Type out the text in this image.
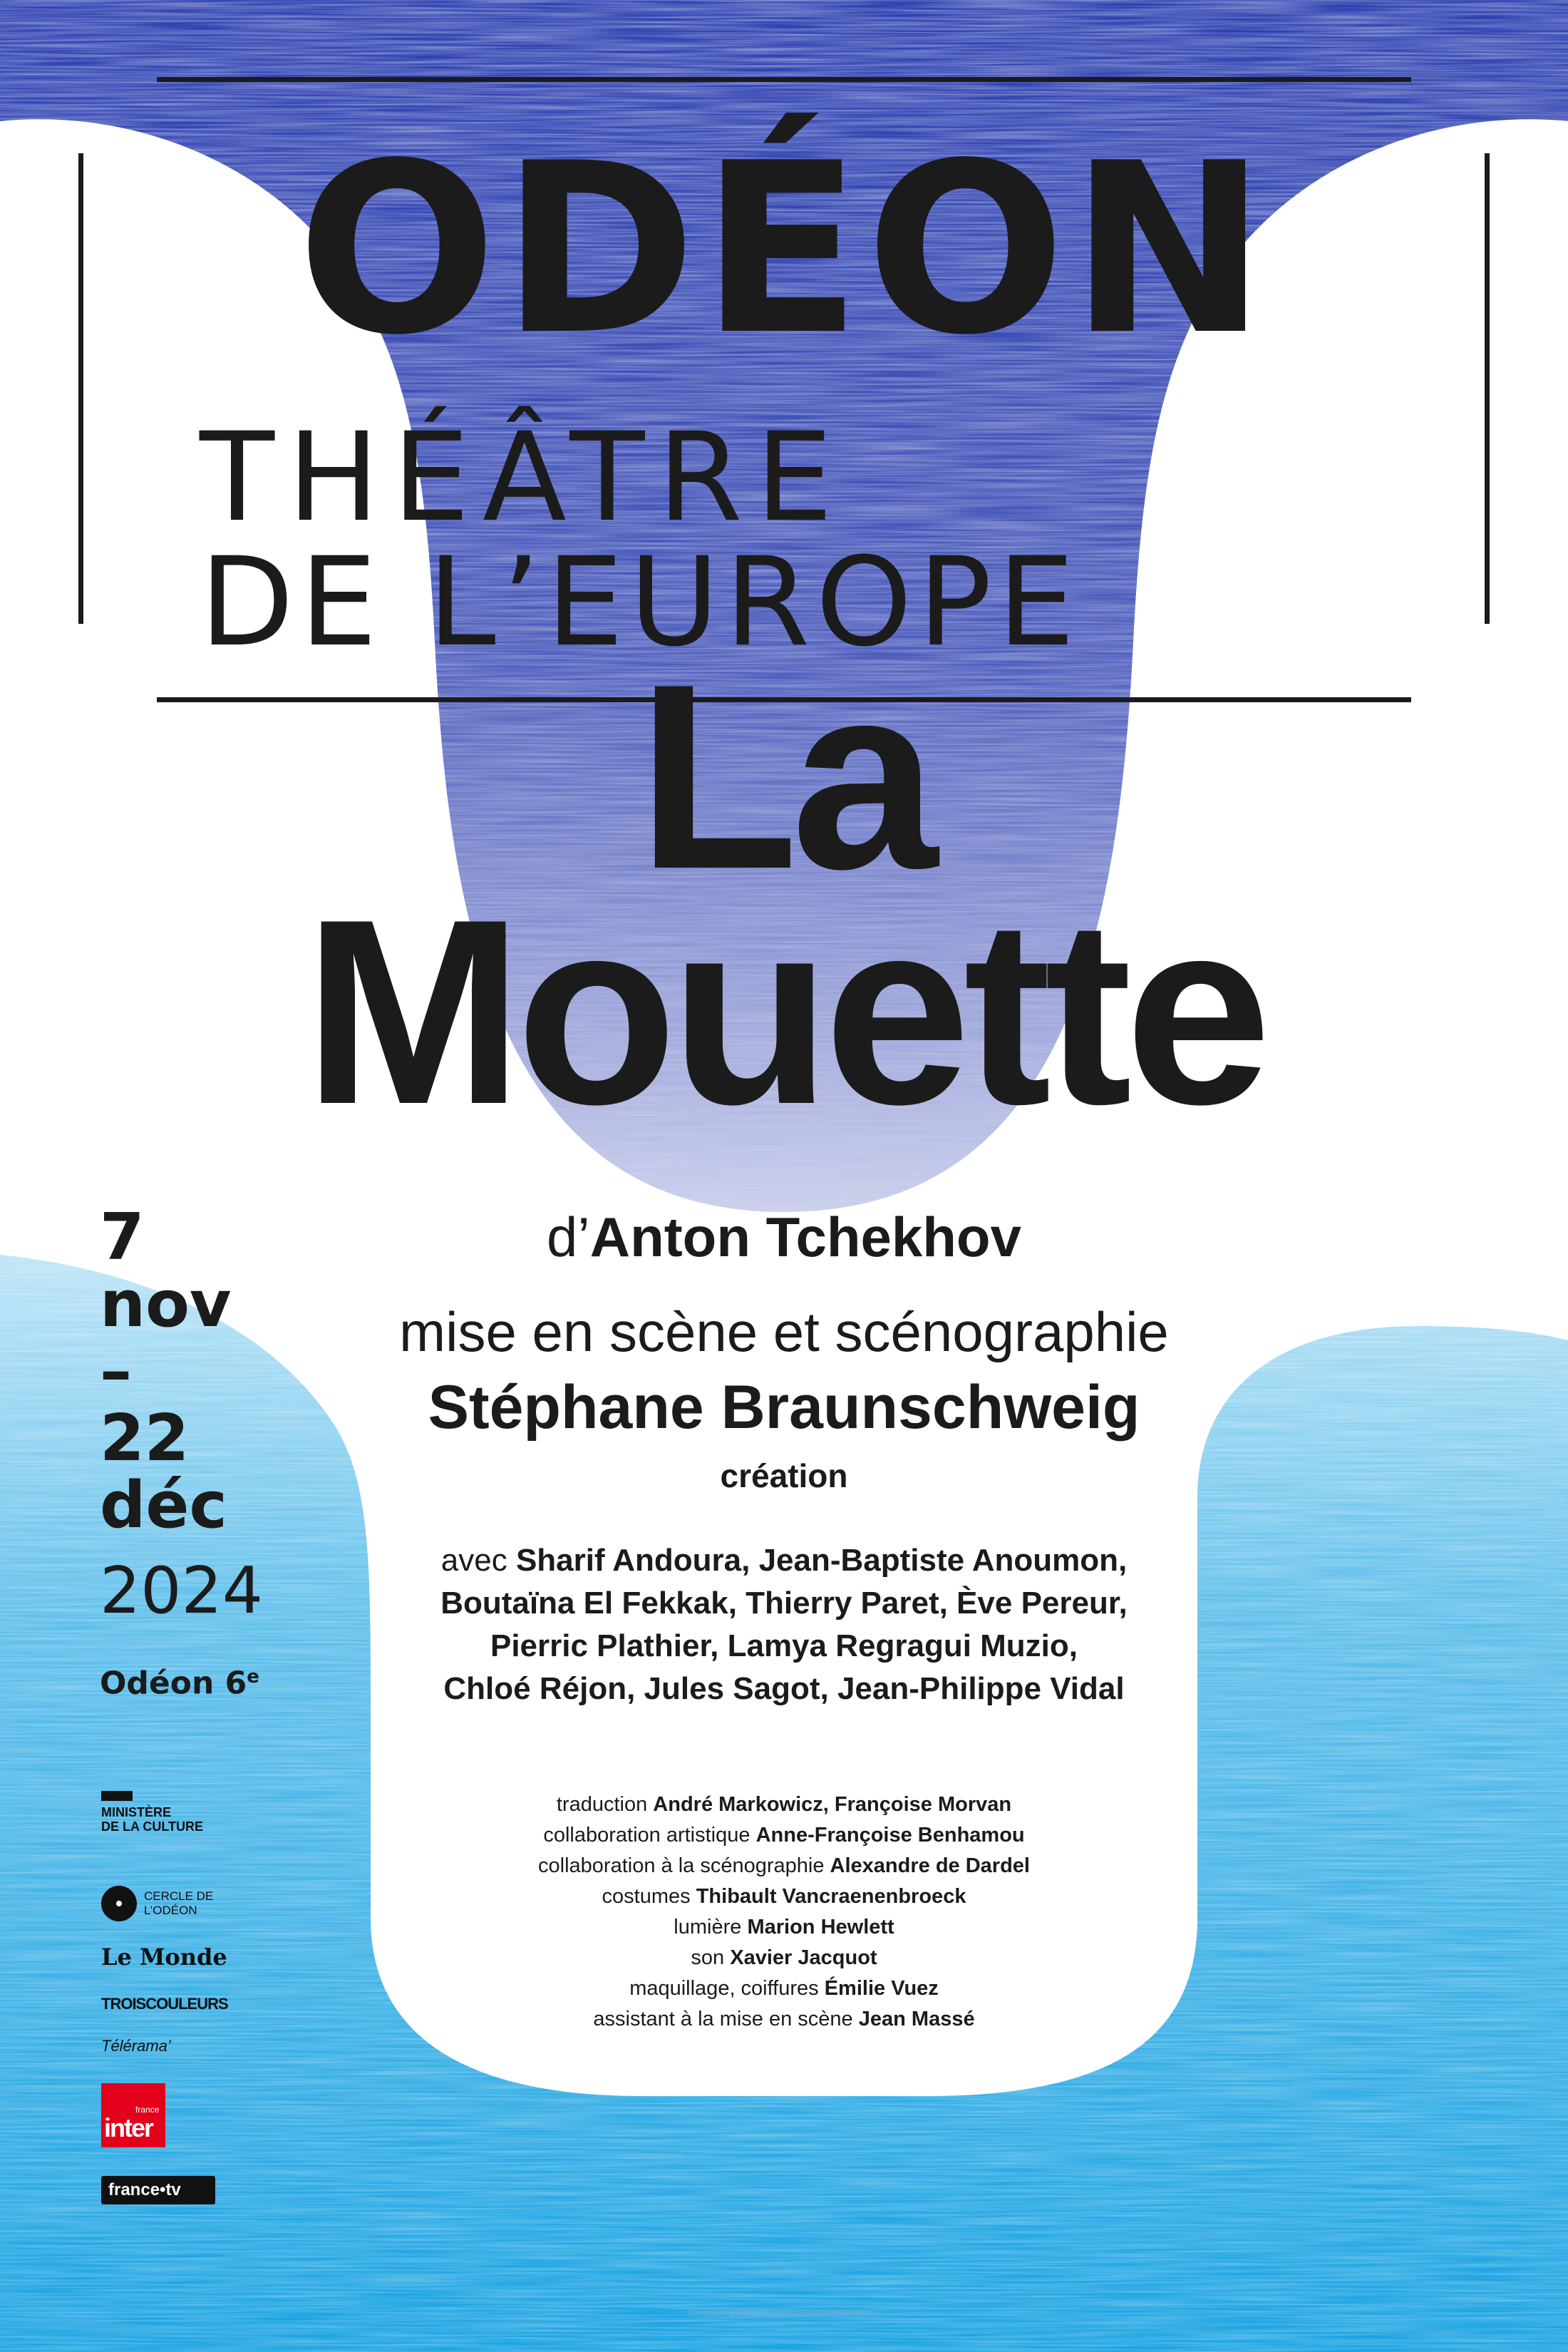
ODÉON
THÉÂTRE
DE L’EUROPE
La
Mouette
d’Anton Tchekhov
mise en scène et scénographie
Stéphane Braunschweig
création
avec Sharif Andoura, Jean-Baptiste Anoumon,
Boutaïna El Fekkak, Thierry Paret, Ève Pereur,
Pierric Plathier, Lamya Regragui Muzio,
Chloé Réjon, Jules Sagot, Jean-Philippe Vidal
traduction André Markowicz, Françoise Morvan
collaboration artistique Anne-Françoise Benhamou
collaboration à la scénographie Alexandre de Dardel
costumes Thibault Vancraenenbroeck
lumière Marion Hewlett
son Xavier Jacquot
maquillage, coiffures Émilie Vuez
assistant à la mise en scène Jean Massé
7
nov
–
22
déc
2024
Odéon 6e
MINISTÈRE
DE LA CULTURE
CERCLE DE
L’ODÉON
Le Monde
TROISCOULEURS
Télérama’
france
inter
france•tv
Conception graphique ... Odéon-Théâtre de l’Europe ...
